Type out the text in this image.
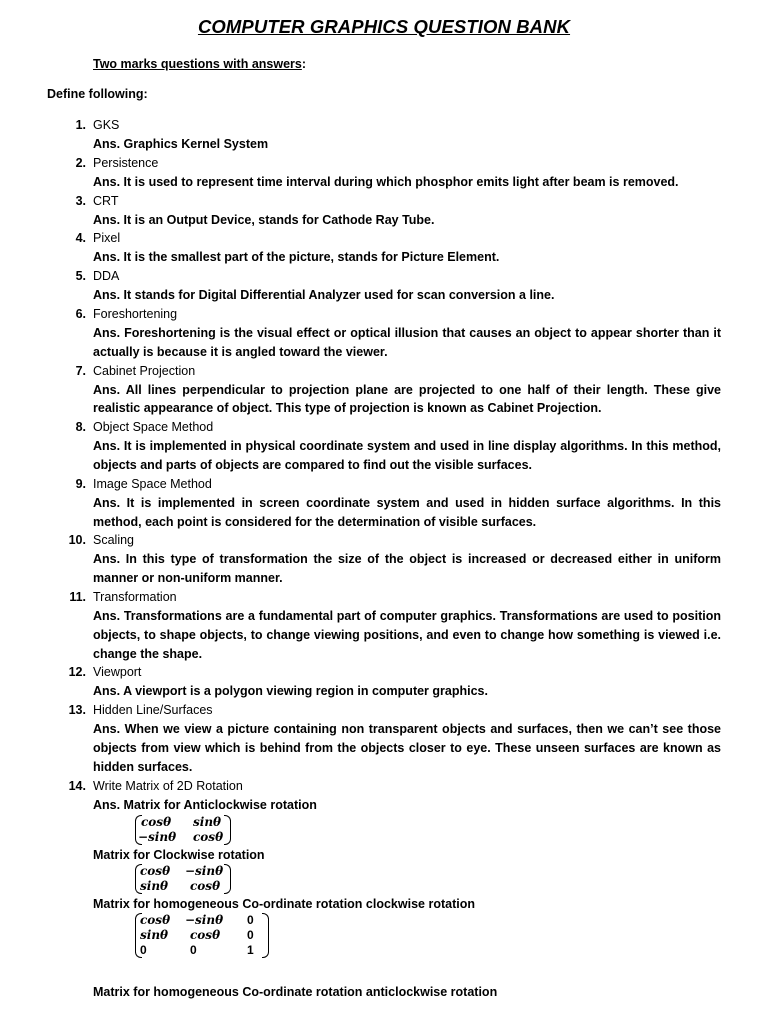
COMPUTER GRAPHICS QUESTION BANK
Two marks questions with answers:
Define following:
1. GKS
Ans. Graphics Kernel System
2. Persistence
Ans. It is used to represent time interval during which phosphor emits light after beam is removed.
3. CRT
Ans. It is an Output Device, stands for Cathode Ray Tube.
4. Pixel
Ans. It is the smallest part of the picture, stands for Picture Element.
5. DDA
Ans. It stands for Digital Differential Analyzer used for scan conversion a line.
6. Foreshortening
Ans. Foreshortening is the visual effect or optical illusion that causes an object to appear shorter than it actually is because it is angled toward the viewer.
7. Cabinet Projection
Ans. All lines perpendicular to projection plane are projected to one half of their length. These give realistic appearance of object. This type of projection is known as Cabinet Projection.
8. Object Space Method
Ans. It is implemented in physical coordinate system and used in line display algorithms. In this method, objects and parts of objects are compared to find out the visible surfaces.
9. Image Space Method
Ans. It is implemented in screen coordinate system and used in hidden surface algorithms. In this method, each point is considered for the determination of visible surfaces.
10. Scaling
Ans. In this type of transformation the size of the object is increased or decreased either in uniform manner or non-uniform manner.
11. Transformation
Ans. Transformations are a fundamental part of computer graphics. Transformations are used to position objects, to shape objects, to change viewing positions, and even to change how something is viewed i.e. change the shape.
12. Viewport
Ans. A viewport is a polygon viewing region in computer graphics.
13. Hidden Line/Surfaces
Ans. When we view a picture containing non transparent objects and surfaces, then we can’t see those objects from view which is behind from the objects closer to eye. These unseen surfaces are known as hidden surfaces.
14. Write Matrix of 2D Rotation
Ans. Matrix for Anticlockwise rotation
cosθ sinθ
−sinθ cosθ
Matrix for Clockwise rotation
cosθ −sinθ
sinθ cosθ
Matrix for homogeneous Co-ordinate rotation clockwise rotation
cosθ −sinθ 0
sinθ cosθ 0
0	0	1
Matrix for homogeneous Co-ordinate rotation anticlockwise rotation
